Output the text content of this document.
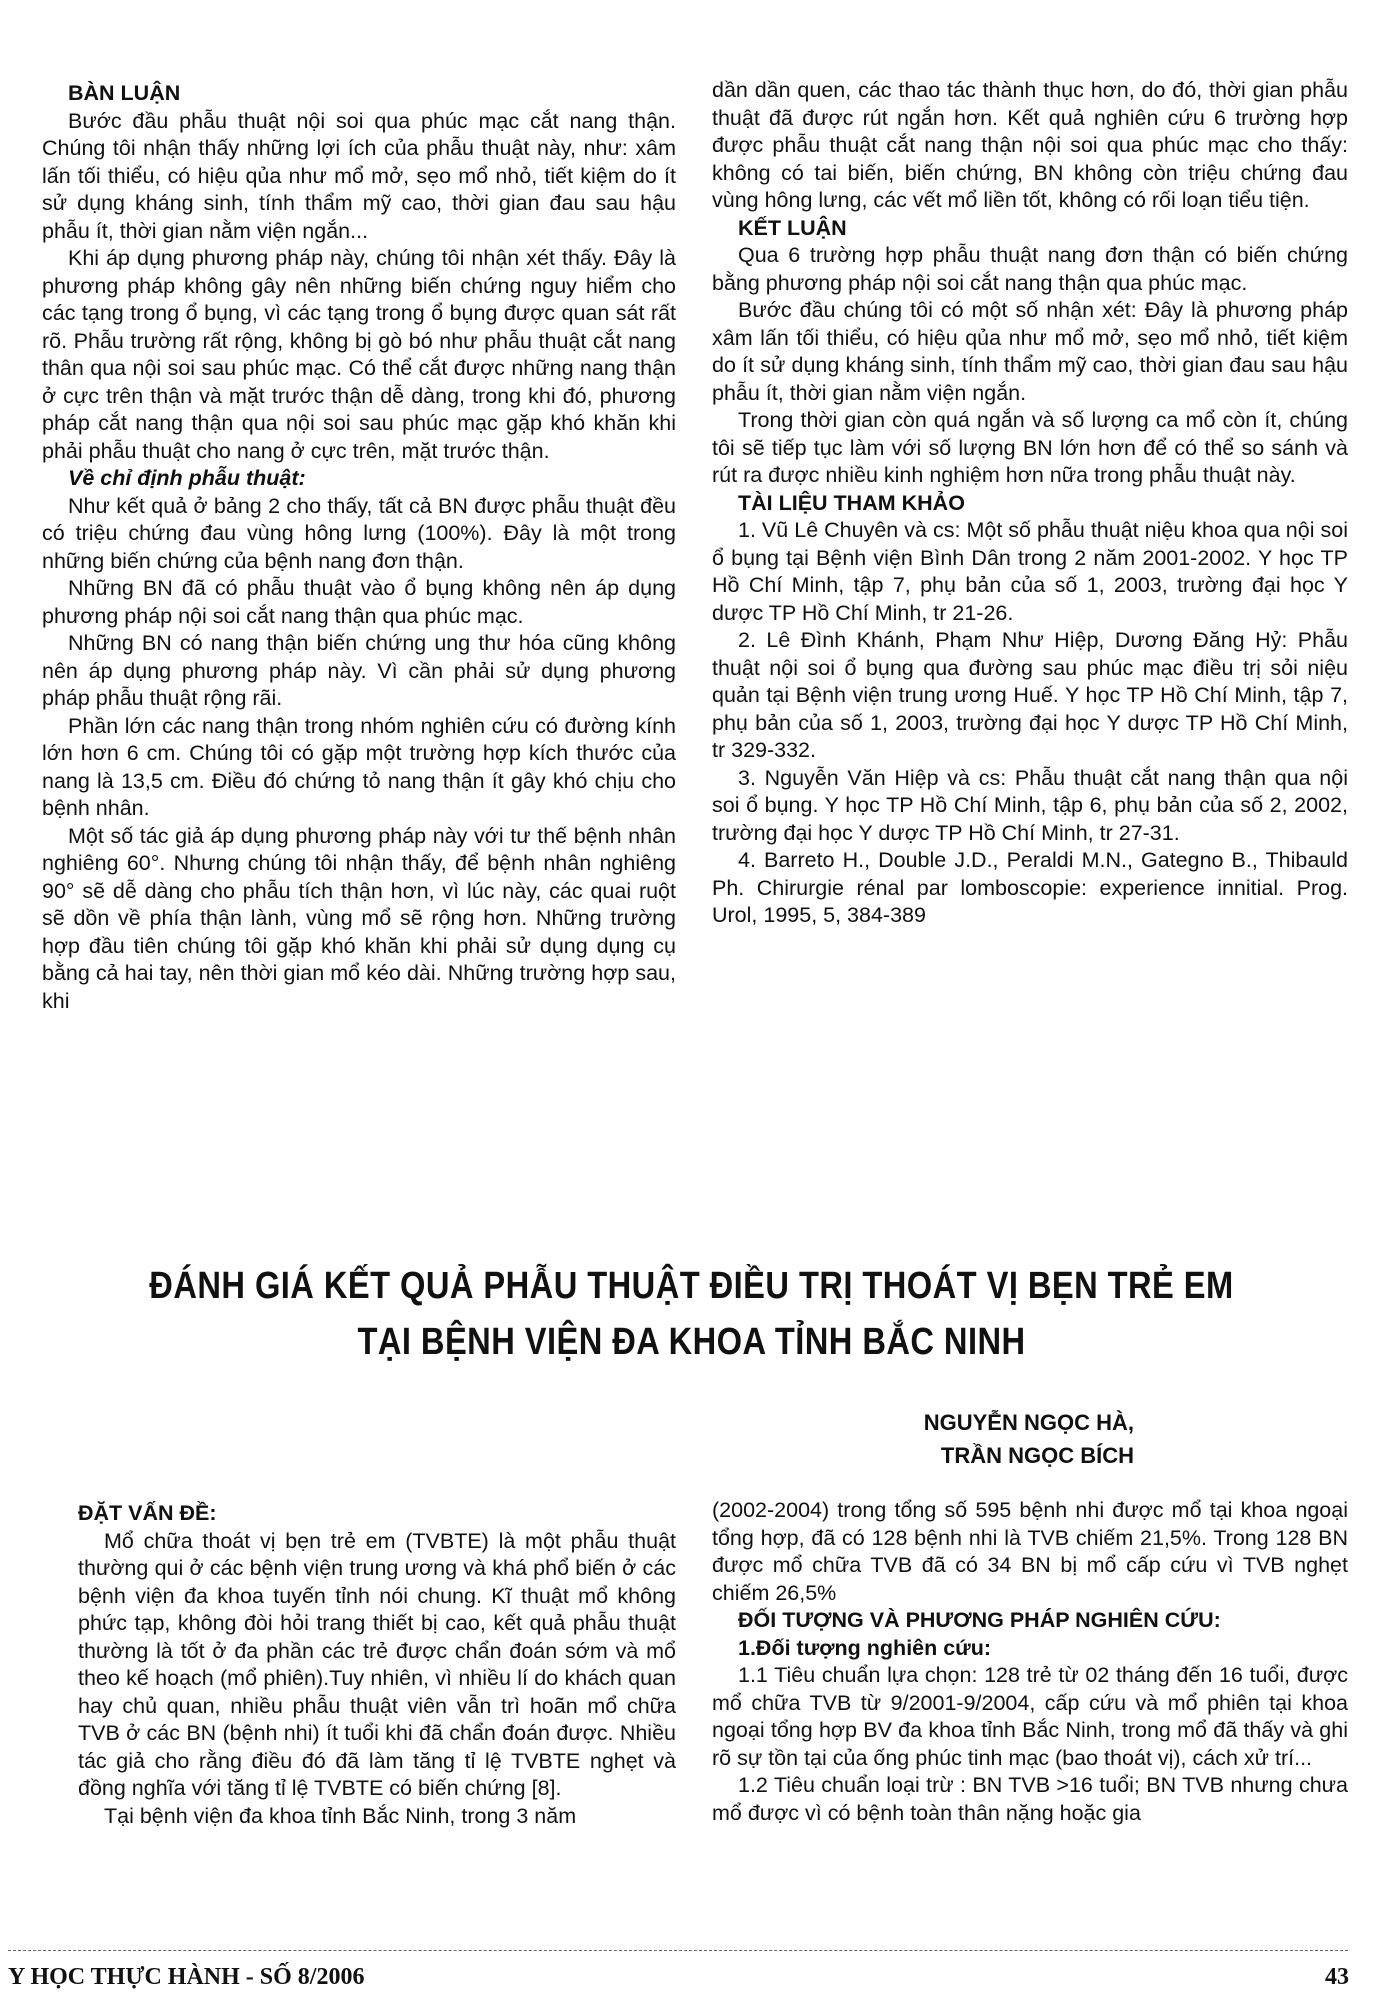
BÀN LUẬN

Bước đầu phẫu thuật nội soi qua phúc mạc cắt nang thận. Chúng tôi nhận thấy những lợi ích của phẫu thuật này, như: xâm lấn tối thiểu, có hiệu qủa như mổ mở, sẹo mổ nhỏ, tiết kiệm do ít sử dụng kháng sinh, tính thẩm mỹ cao, thời gian đau sau hậu phẫu ít, thời gian nằm viện ngắn...

Khi áp dụng phương pháp này, chúng tôi nhận xét thấy. Đây là phương pháp không gây nên những biến chứng nguy hiểm cho các tạng trong ổ bụng, vì các tạng trong ổ bụng được quan sát rất rõ. Phẫu trường rất rộng, không bị gò bó như phẫu thuật cắt nang thân qua nội soi sau phúc mạc. Có thể cắt được những nang thận ở cực trên thận và mặt trước thận dễ dàng, trong khi đó, phương pháp cắt nang thận qua nội soi sau phúc mạc gặp khó khăn khi phải phẫu thuật cho nang ở cực trên, mặt trước thận.

Về chỉ định phẫu thuật:

Như kết quả ở bảng 2 cho thấy, tất cả BN được phẫu thuật đều có triệu chứng đau vùng hông lưng (100%). Đây là một trong những biến chứng của bệnh nang đơn thận.

Những BN đã có phẫu thuật vào ổ bụng không nên áp dụng phương pháp nội soi cắt nang thận qua phúc mạc.

Những BN có nang thận biến chứng ung thư hóa cũng không nên áp dụng phương pháp này. Vì cần phải sử dụng phương pháp phẫu thuật rộng rãi.

Phần lớn các nang thận trong nhóm nghiên cứu có đường kính lớn hơn 6 cm. Chúng tôi có gặp một trường hợp kích thước của nang là 13,5 cm. Điều đó chứng tỏ nang thận ít gây khó chịu cho bệnh nhân.

Một số tác giả áp dụng phương pháp này với tư thế bệnh nhân nghiêng 60°. Nhưng chúng tôi nhận thấy, để bệnh nhân nghiêng 90° sẽ dễ dàng cho phẫu tích thận hơn, vì lúc này, các quai ruột sẽ dồn về phía thận lành, vùng mổ sẽ rộng hơn. Những trường hợp đầu tiên chúng tôi gặp khó khăn khi phải sử dụng dụng cụ bằng cả hai tay, nên thời gian mổ kéo dài. Những trường hợp sau, khi

dần dần quen, các thao tác thành thục hơn, do đó, thời gian phẫu thuật đã được rút ngắn hơn. Kết quả nghiên cứu 6 trường hợp được phẫu thuật cắt nang thận nội soi qua phúc mạc cho thấy: không có tai biến, biến chứng, BN không còn triệu chứng đau vùng hông lưng, các vết mổ liền tốt, không có rối loạn tiểu tiện.

KẾT LUẬN

Qua 6 trường hợp phẫu thuật nang đơn thận có biến chứng bằng phương pháp nội soi cắt nang thận qua phúc mạc.

Bước đầu chúng tôi có một số nhận xét: Đây là phương pháp xâm lấn tối thiểu, có hiệu qủa như mổ mở, sẹo mổ nhỏ, tiết kiệm do ít sử dụng kháng sinh, tính thẩm mỹ cao, thời gian đau sau hậu phẫu ít, thời gian nằm viện ngắn.

Trong thời gian còn quá ngắn và số lượng ca mổ còn ít, chúng tôi sẽ tiếp tục làm với số lượng BN lớn hơn để có thể so sánh và rút ra được nhiều kinh nghiệm hơn nữa trong phẫu thuật này.

TÀI LIỆU THAM KHẢO

1. Vũ Lê Chuyên và cs: Một số phẫu thuật niệu khoa qua nội soi ổ bụng tại Bệnh viện Bình Dân trong 2 năm 2001-2002. Y học TP Hồ Chí Minh, tập 7, phụ bản của số 1, 2003, trường đại học Y dược TP Hồ Chí Minh, tr 21-26.

2. Lê Đình Khánh, Phạm Như Hiệp, Dương Đăng Hỷ: Phẫu thuật nội soi ổ bụng qua đường sau phúc mạc điều trị sỏi niệu quản tại Bệnh viện trung ương Huế. Y học TP Hồ Chí Minh, tập 7, phụ bản của số 1, 2003, trường đại học Y dược TP Hồ Chí Minh, tr 329-332.

3. Nguyễn Văn Hiệp và cs: Phẫu thuật cắt nang thận qua nội soi ổ bụng. Y học TP Hồ Chí Minh, tập 6, phụ bản của số 2, 2002, trường đại học Y dược TP Hồ Chí Minh, tr 27-31.

4. Barreto H., Double J.D., Peraldi M.N., Gategno B., Thibauld Ph. Chirurgie rénal par lomboscopie: experience innitial. Prog. Urol, 1995, 5, 384-389

ĐÁNH GIÁ KẾT QUẢ PHẪU THUẬT ĐIỀU TRỊ THOÁT VỊ BẸN TRẺ EM
TẠI BỆNH VIỆN ĐA KHOA TỈNH BẮC NINH
NGUYỄN NGỌC HÀ,
TRẦN NGỌC BÍCH
ĐẶT VẤN ĐỀ:

Mổ chữa thoát vị bẹn trẻ em (TVBTE) là một phẫu thuật thường qui ở các bệnh viện trung ương và khá phổ biến ở các bệnh viện đa khoa tuyến tỉnh nói chung. Kĩ thuật mổ không phức tạp, không đòi hỏi trang thiết bị cao, kết quả phẫu thuật thường là tốt ở đa phần các trẻ được chẩn đoán sớm và mổ theo kế hoạch (mổ phiên).Tuy nhiên, vì nhiều lí do khách quan hay chủ quan, nhiều phẫu thuật viên vẫn trì hoãn mổ chữa TVB ở các BN (bệnh nhi) ít tuổi khi đã chẩn đoán được. Nhiều tác giả cho rằng điều đó đã làm tăng tỉ lệ TVBTE nghẹt và đồng nghĩa với tăng tỉ lệ TVBTE có biến chứng [8].

Tại bệnh viện đa khoa tỉnh Bắc Ninh, trong 3 năm

(2002-2004) trong tổng số 595 bệnh nhi được mổ tại khoa ngoại tổng hợp, đã có 128 bệnh nhi là TVB chiếm 21,5%. Trong 128 BN được mổ chữa TVB đã có 34 BN bị mổ cấp cứu vì TVB nghẹt chiếm 26,5%

ĐỐI TƯỢNG VÀ PHƯƠNG PHÁP NGHIÊN CỨU:
1.Đối tượng nghiên cứu:

1.1 Tiêu chuẩn lựa chọn: 128 trẻ từ 02 tháng đến 16 tuổi, được mổ chữa TVB từ 9/2001-9/2004, cấp cứu và mổ phiên tại khoa ngoại tổng hợp BV đa khoa tỉnh Bắc Ninh, trong mổ đã thấy và ghi rõ sự tồn tại của ống phúc tinh mạc (bao thoát vị), cách xử trí...

1.2 Tiêu chuẩn loại trừ : BN TVB >16 tuổi; BN TVB nhưng chưa mổ được vì có bệnh toàn thân nặng hoặc gia

Y HỌC THỰC HÀNH - SỐ 8/2006	43
